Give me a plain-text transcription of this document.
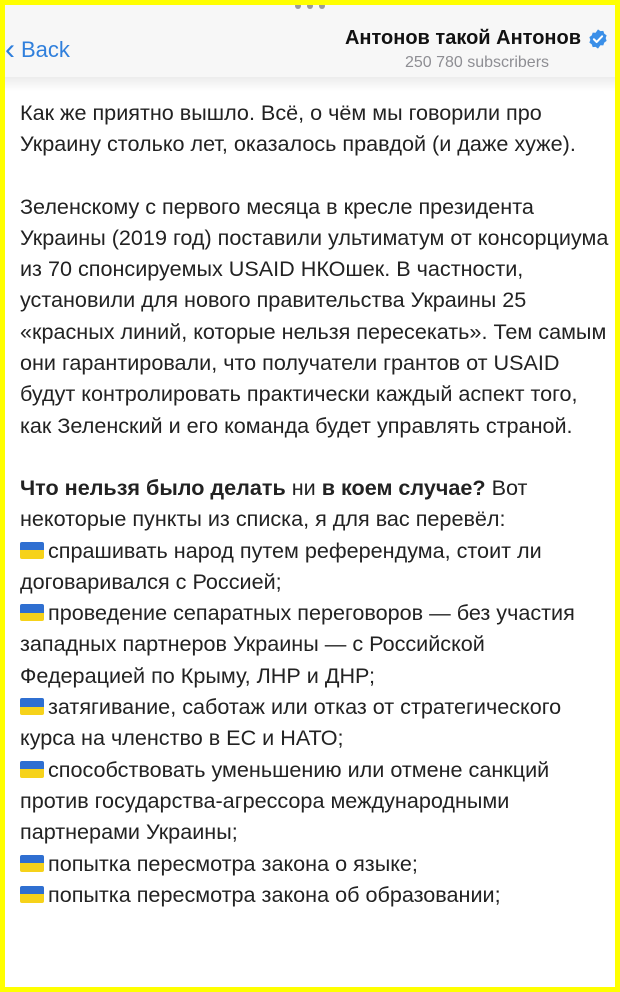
‹ Back	Антонов такой Антонов
250 780 subscribers

Как же приятно вышло. Всё, о чём мы говорили про Украину столько лет, оказалось правдой (и даже хуже).

Зеленскому с первого месяца в кресле президента Украины (2019 год) поставили ультиматум от консорциума из 70 спонсируемых USAID НКОшек. В частности, установили для нового правительства Украины 25 «красных линий, которые нельзя пересекать». Тем самым они гарантировали, что получатели грантов от USAID будут контролировать практически каждый аспект того, как Зеленский и его команда будет управлять страной.

Что нельзя было делать ни в коем случае? Вот некоторые пункты из списка, я для вас перевёл:
спрашивать народ путем референдума, стоит ли договаривался с Россией;
проведение сепаратных переговоров — без участия западных партнеров Украины — с Российской Федерацией по Крыму, ЛНР и ДНР;
затягивание, саботаж или отказ от стратегического курса на членство в ЕС и НАТО;
способствовать уменьшению или отмене санкций против государства-агрессора международными партнерами Украины;
попытка пересмотра закона о языке;
попытка пересмотра закона об образовании;
